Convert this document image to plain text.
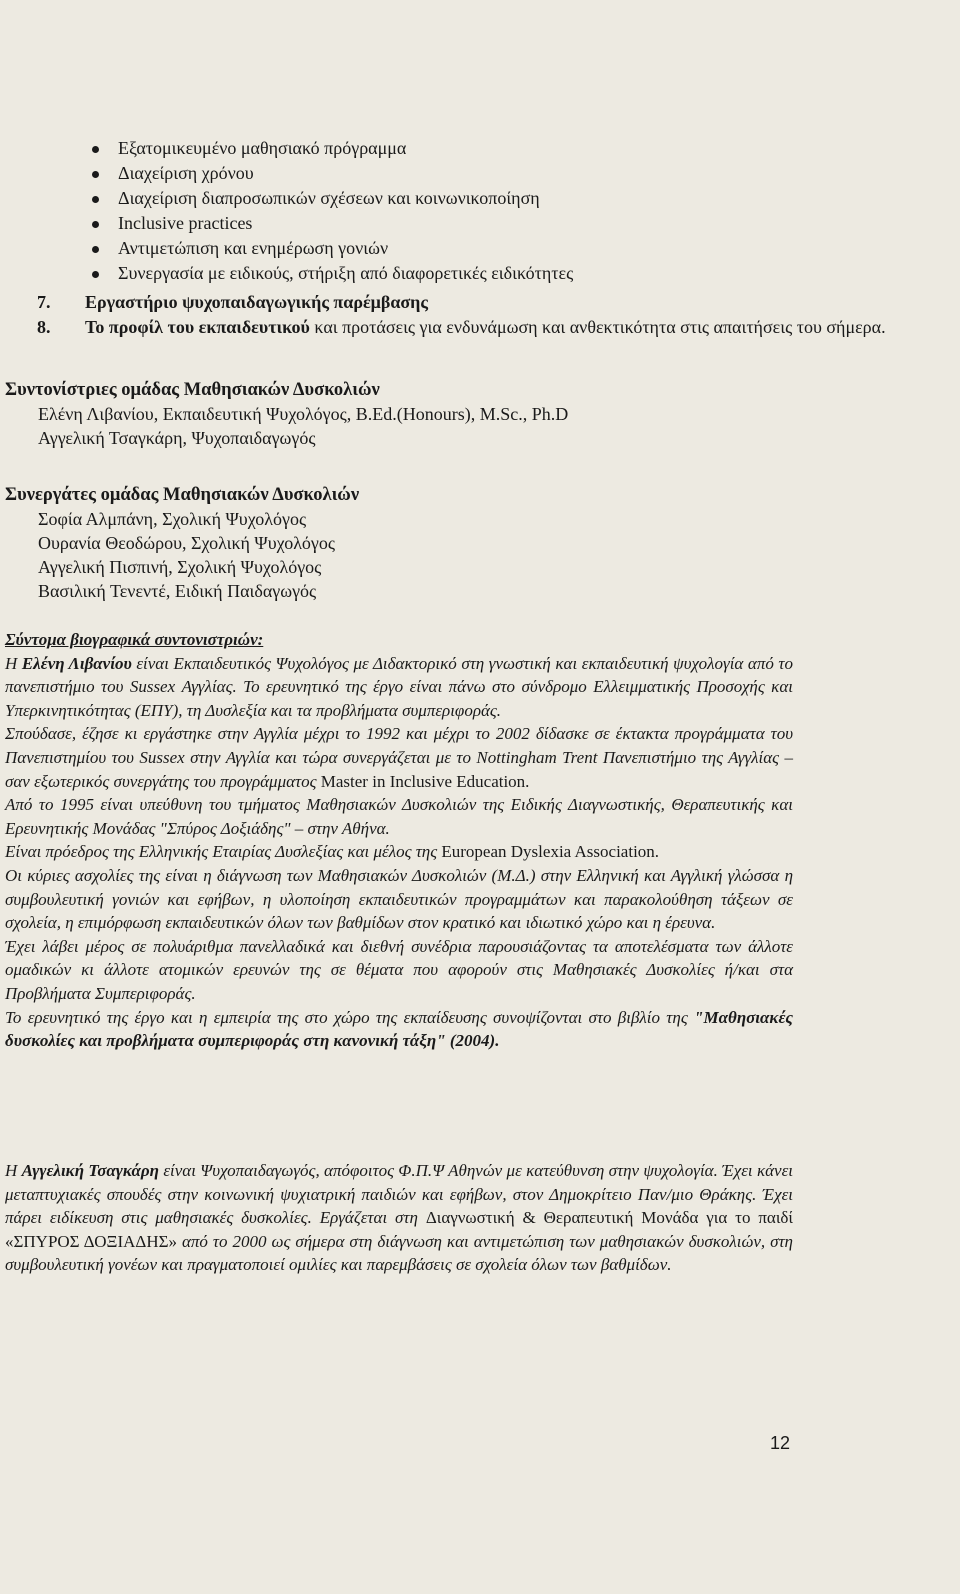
Εξατομικευμένο μαθησιακό πρόγραμμα
Διαχείριση χρόνου
Διαχείριση διαπροσωπικών σχέσεων και κοινωνικοποίηση
Inclusive practices
Αντιμετώπιση και ενημέρωση γονιών
Συνεργασία με ειδικούς, στήριξη από διαφορετικές ειδικότητες
7. Εργαστήριο ψυχοπαιδαγωγικής παρέμβασης
8. Το προφίλ του εκπαιδευτικού και προτάσεις για ενδυνάμωση και ανθεκτικότητα στις απαιτήσεις του σήμερα.
Συντονίστριες ομάδας Μαθησιακών Δυσκολιών
Ελένη Λιβανίου, Εκπαιδευτική Ψυχολόγος, B.Ed.(Honours), M.Sc., Ph.D
Αγγελική Τσαγκάρη, Ψυχοπαιδαγωγός
Συνεργάτες ομάδας Μαθησιακών Δυσκολιών
Σοφία Αλμπάνη, Σχολική Ψυχολόγος
Ουρανία Θεοδώρου, Σχολική Ψυχολόγος
Αγγελική Πισπινή, Σχολική Ψυχολόγος
Βασιλική Τενεντέ, Ειδική Παιδαγωγός

Σύντομα βιογραφικά συντονιστριών:

Η Ελένη Λιβανίου είναι Εκπαιδευτικός Ψυχολόγος με Διδακτορικό στη γνωστική και εκπαιδευτική ψυχολογία από το πανεπιστήμιο του Sussex Αγγλίας. Το ερευνητικό της έργο είναι πάνω στο σύνδρομο Ελλειμματικής Προσοχής και Υπερκινητικότητας (ΕΠΥ), τη Δυσλεξία και τα προβλήματα συμπεριφοράς.

Σπούδασε, έζησε κι εργάστηκε στην Αγγλία μέχρι το 1992 και μέχρι το 2002 δίδασκε σε έκτακτα προγράμματα του Πανεπιστημίου του Sussex στην Αγγλία και τώρα συνεργάζεται με το Nottingham Trent Πανεπιστήμιο της Αγγλίας – σαν εξωτερικός συνεργάτης του προγράμματος Master in Inclusive Education.

Από το 1995 είναι υπεύθυνη του τμήματος Μαθησιακών Δυσκολιών της Ειδικής Διαγνωστικής, Θεραπευτικής και Ερευνητικής Μονάδας "Σπύρος Δοξιάδης" – στην Αθήνα.

Είναι πρόεδρος της Ελληνικής Εταιρίας Δυσλεξίας και μέλος της European Dyslexia Association.

Οι κύριες ασχολίες της είναι η διάγνωση των Μαθησιακών Δυσκολιών (Μ.Δ.) στην Ελληνική και Αγγλική γλώσσα η συμβουλευτική γονιών και εφήβων, η υλοποίηση εκπαιδευτικών προγραμμάτων και παρακολούθηση τάξεων σε σχολεία, η επιμόρφωση εκπαιδευτικών όλων των βαθμίδων στον κρατικό και ιδιωτικό χώρο και η έρευνα.

Έχει λάβει μέρος σε πολυάριθμα πανελλαδικά και διεθνή συνέδρια παρουσιάζοντας τα αποτελέσματα των άλλοτε ομαδικών κι άλλοτε ατομικών ερευνών της σε θέματα που αφορούν στις Μαθησιακές Δυσκολίες ή/και στα Προβλήματα Συμπεριφοράς.

Το ερευνητικό της έργο και η εμπειρία της στο χώρο της εκπαίδευσης συνοψίζονται στο βιβλίο της "Μαθησιακές δυσκολίες και προβλήματα συμπεριφοράς στη κανονική τάξη" (2004).

Η Αγγελική Τσαγκάρη είναι Ψυχοπαιδαγωγός, απόφοιτος Φ.Π.Ψ Αθηνών με κατεύθυνση στην ψυχολογία. Έχει κάνει μεταπτυχιακές σπουδές στην κοινωνική ψυχιατρική παιδιών και εφήβων, στον Δημοκρίτειο Παν/μιο Θράκης. Έχει πάρει ειδίκευση στις μαθησιακές δυσκολίες. Εργάζεται στη Διαγνωστική & Θεραπευτική Μονάδα για το παιδί «ΣΠΥΡΟΣ ΔΟΞΙΑΔΗΣ» από το 2000 ως σήμερα στη διάγνωση και αντιμετώπιση των μαθησιακών δυσκολιών, στη συμβουλευτική γονέων και πραγματοποιεί ομιλίες και παρεμβάσεις σε σχολεία όλων των βαθμίδων.

12
